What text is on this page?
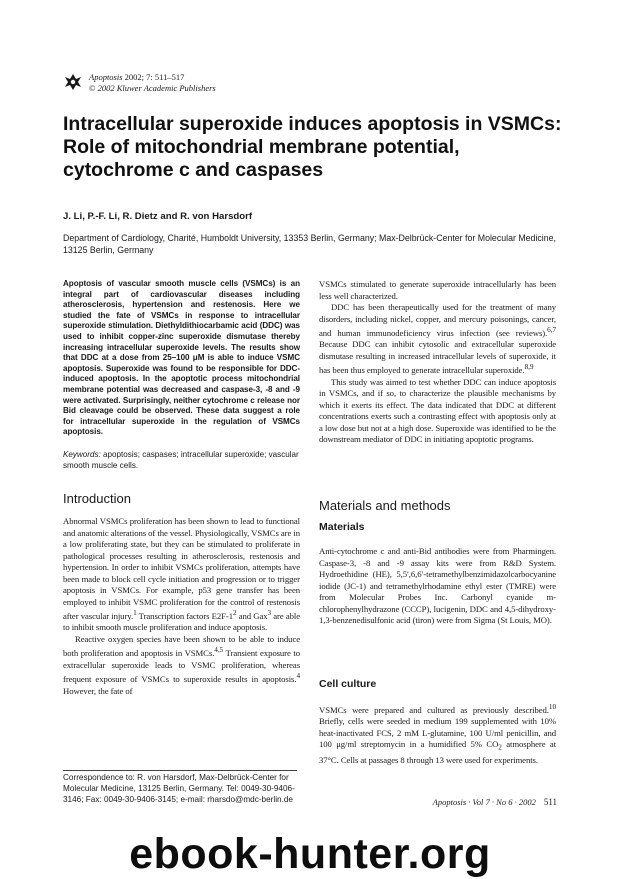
Apoptosis 2002; 7: 511–517
© 2002 Kluwer Academic Publishers
Intracellular superoxide induces apoptosis in VSMCs: Role of mitochondrial membrane potential, cytochrome c and caspases

J. Li, P.-F. Li, R. Dietz and R. von Harsdorf

Department of Cardiology, Charité, Humboldt University, 13353 Berlin, Germany; Max-Delbrück-Center for Molecular Medicine, 13125 Berlin, Germany

Apoptosis of vascular smooth muscle cells (VSMCs) is an integral part of cardiovascular diseases including atherosclerosis, hypertension and restenosis. Here we studied the fate of VSMCs in response to intracellular superoxide stimulation. Diethyldithiocarbamic acid (DDC) was used to inhibit copper-zinc superoxide dismutase thereby increasing intracellular superoxide levels. The results show that DDC at a dose from 25–100 μM is able to induce VSMC apoptosis. Superoxide was found to be responsible for DDC-induced apoptosis. In the apoptotic process mitochondrial membrane potential was decreased and caspase-3, -8 and -9 were activated. Surprisingly, neither cytochrome c release nor Bid cleavage could be observed. These data suggest a role for intracellular superoxide in the regulation of VSMCs apoptosis.

Keywords: apoptosis; caspases; intracellular superoxide; vascular smooth muscle cells.

Introduction

Abnormal VSMCs proliferation has been shown to lead to functional and anatomic alterations of the vessel. Physiologically, VSMCs are in a low proliferating state, but they can be stimulated to proliferate in pathological processes resulting in atherosclerosis, restenosis and hypertension. In order to inhibit VSMCs proliferation, attempts have been made to block cell cycle initiation and progression or to trigger apoptosis in VSMCs. For example, p53 gene transfer has been employed to inhibit VSMC proliferation for the control of restenosis after vascular injury.$^1$ Transcription factors $E2F-1^2$ and Gax$^3$ are able to inhibit smooth muscle proliferation and induce apoptosis.

Reactive oxygen species have been shown to be able to induce both proliferation and apoptosis in VSMCs.$^{4,5}$ Transient exposure to extracellular superoxide leads to VSMC proliferation, whereas frequent exposure of VSMCs to superoxide results in apoptosis.$^4$ However, the fate of

VSMCs stimulated to generate superoxide intracellularly has been less well characterized.

DDC has been therapeutically used for the treatment of many disorders, including nickel, copper, and mercury poisonings, cancer, and human immunodeficiency virus infection (see reviews).$^{6,7}$ Because DDC can inhibit cytosolic and extracellular superoxide dismutase resulting in increased intracellular levels of superoxide, it has been thus employed to generate intracellular superoxide.$^{8,9}$

This study was aimed to test whether DDC can induce apoptosis in VSMCs, and if so, to characterize the plausible mechanisms by which it exerts its effect. The data indicated that DDC at different concentrations exerts such a contrasting effect with apoptosis only at a low dose but not at a high dose. Superoxide was identified to be the downstream mediator of DDC in initiating apoptotic programs.

Materials and methods
Materials

Anti-cytochrome c and anti-Bid antibodies were from Pharmingen. Caspase-3, -8 and -9 assay kits were from R&D System. Hydroethidine (HE), 5,5′,6,6′-tetramethylbenzimidazolcarbocyanine iodide (JC-1) and tetramethylrhodamine ethyl ester (TMRE) were from Molecular Probes Inc. Carbonyl cyanide m-chlorophenylhydrazone (CCCP), lucigenin, DDC and 4,5-dihydroxy-1,3-benzenedisulfonic acid (tiron) were from Sigma (St Louis, MO).

Cell culture

VSMCs were prepared and cultured as previously described.$^{10}$ Briefly, cells were seeded in medium 199 supplemented with 10% heat-inactivated FCS, 2 mM L-glutamine, 100 U/ml penicillin, and 100 μg/ml streptomycin in a humidified 5% $CO_2$ atmosphere at 37°C. Cells at passages 8 through 13 were used for experiments.

Correspondence to: R. von Harsdorf, Max-Delbrück-Center for Molecular Medicine, 13125 Berlin, Germany. Tel: 0049-30-9406-3146; Fax: 0049-30-9406-3145; e-mail: rharsdo@mdc-berlin.de	Apoptosis · Vol 7 · No 6 · 2002 511
ebook-hunter.org
